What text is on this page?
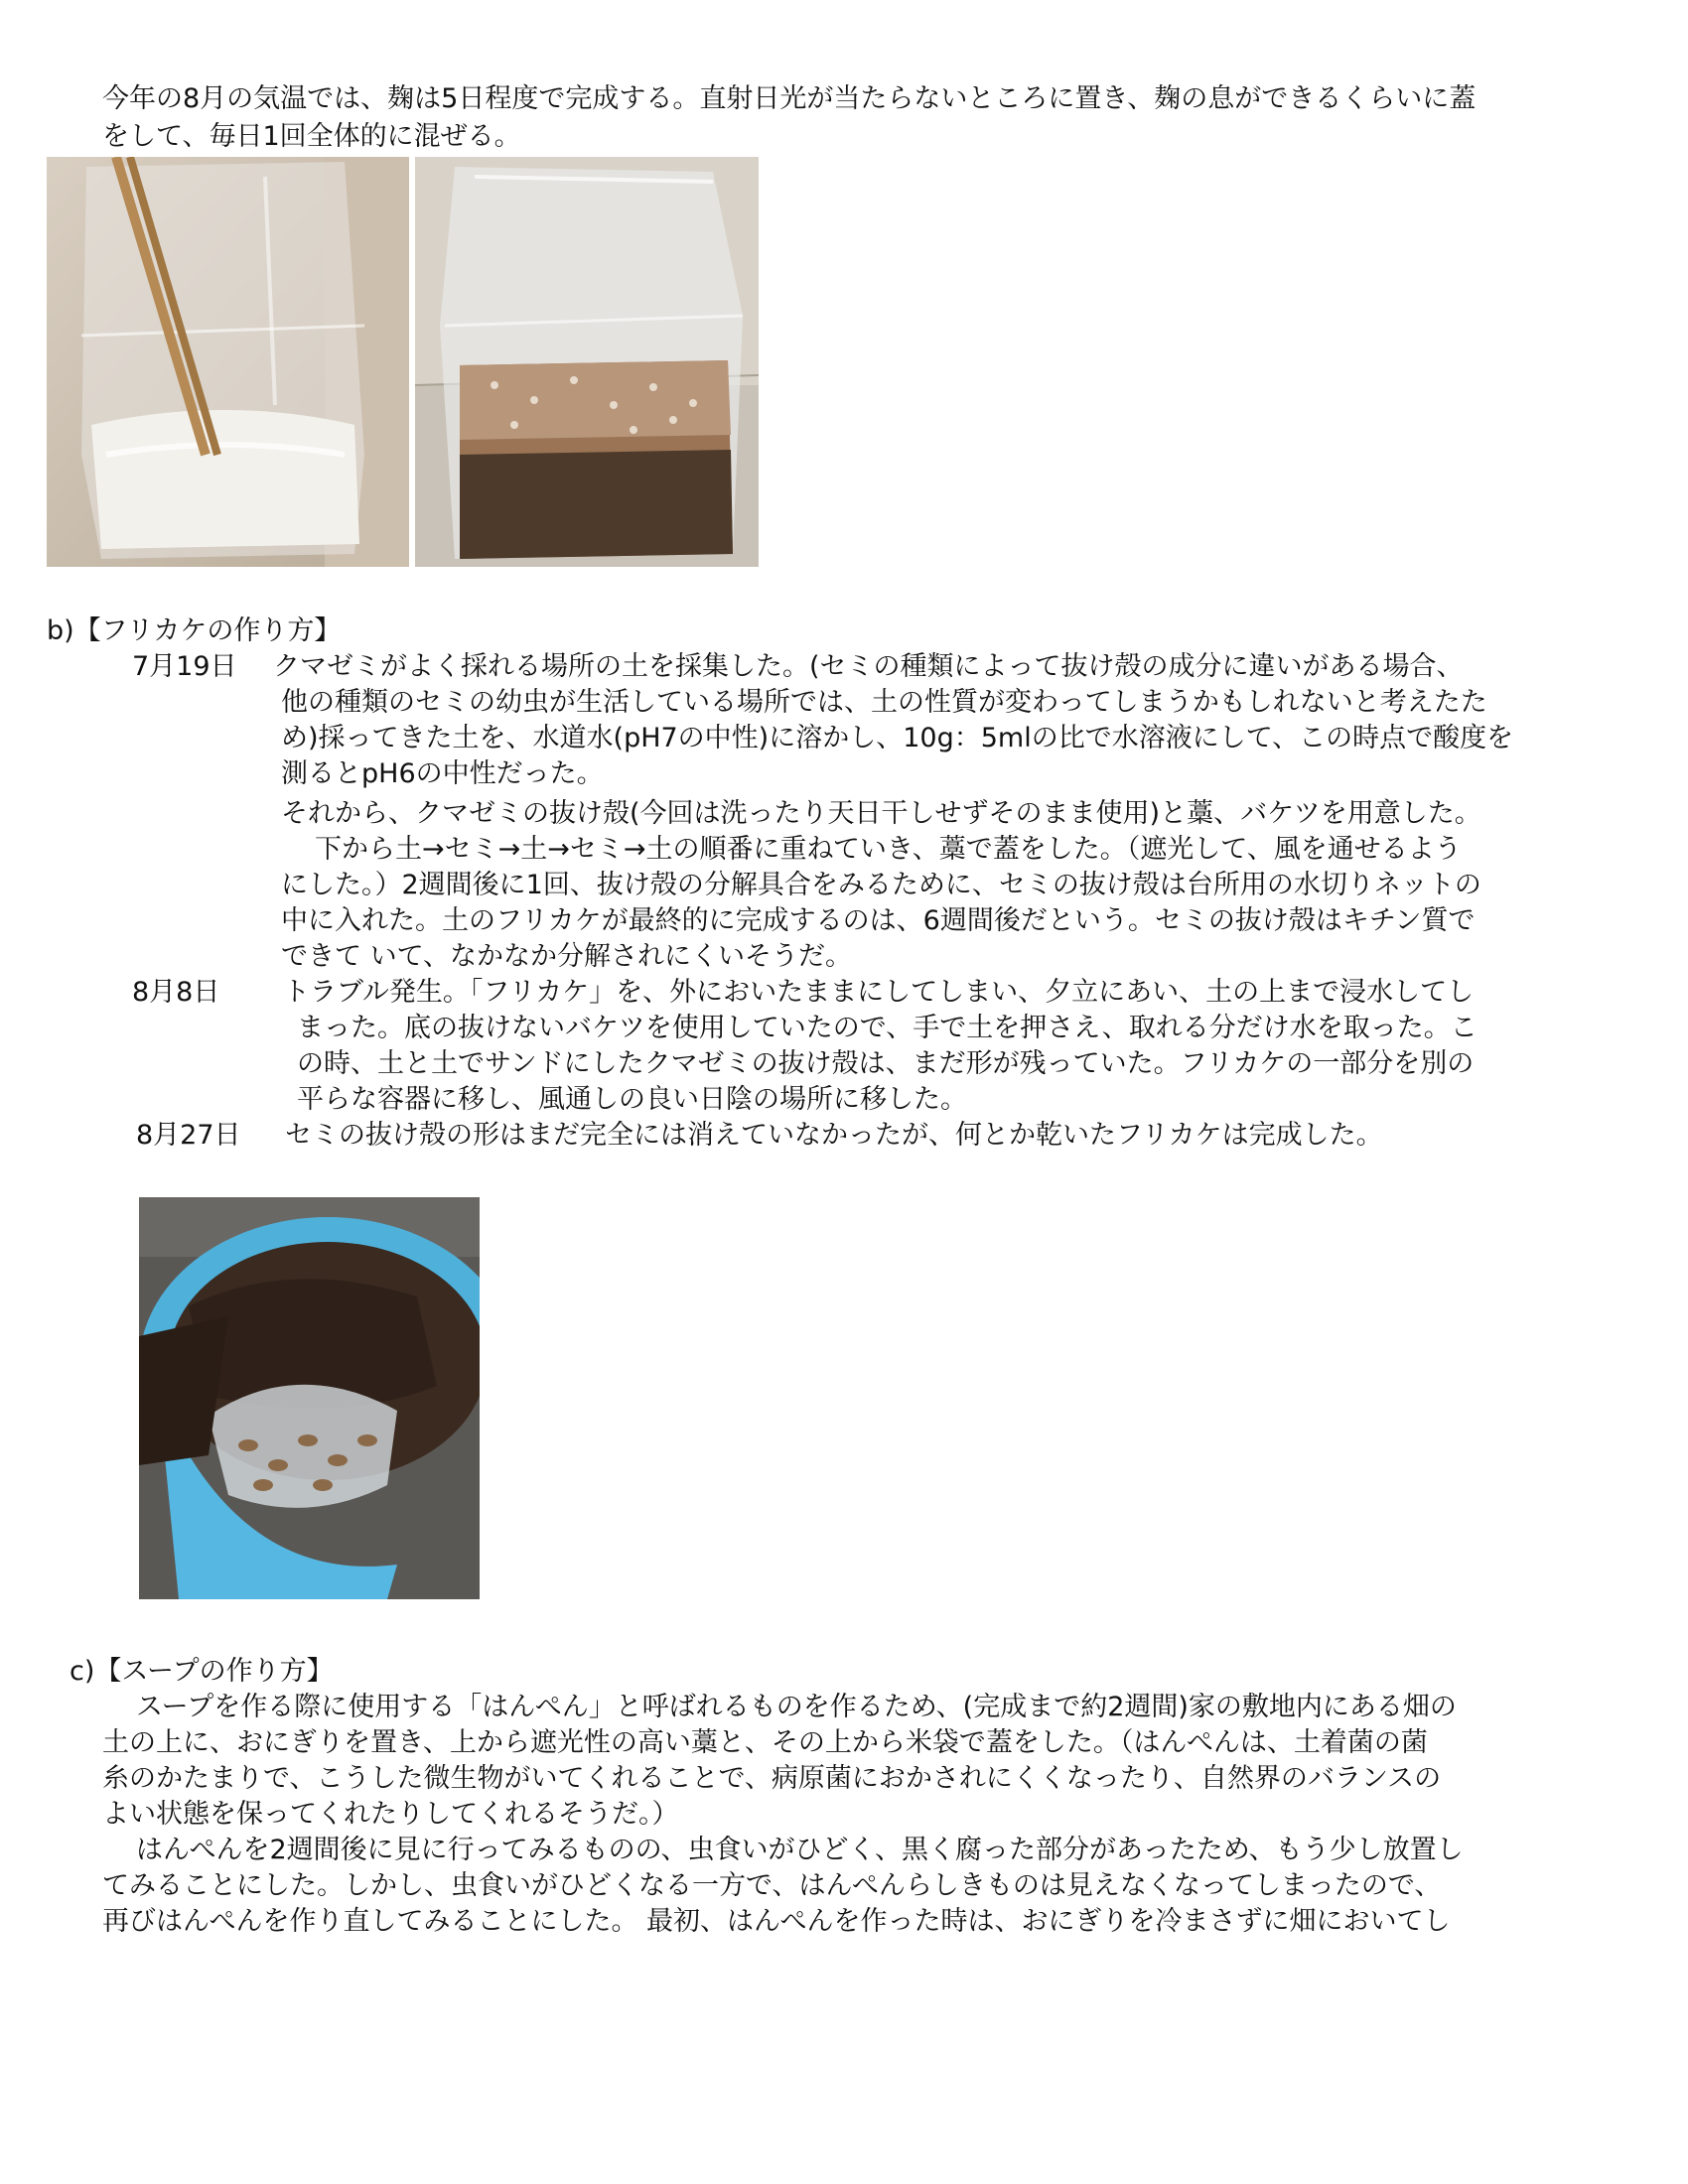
今年の8月の気温では、麹は5日程度で完成する。直射日光が当たらないところに置き、麹の息ができるくらいに蓋
をして、毎日1回全体的に混ぜる。
b)【フリカケの作り方】
7月19日 クマゼミがよく採れる場所の土を採集した。(セミの種類によって抜け殻の成分に違いがある場合、
他の種類のセミの幼虫が生活している場所では、土の性質が変わってしまうかもしれないと考えたた
め)採ってきた土を、水道水(pH7の中性)に溶かし、10g：5mlの比で水溶液にして、この時点で酸度を
測るとpH6の中性だった。
それから、クマゼミの抜け殻(今回は洗ったり天日干しせずそのまま使用)と藁、バケツを用意した。
下から土→セミ→土→セミ→土の順番に重ねていき、藁で蓋をした。（遮光して、風を通せるよう
にした。）2週間後に1回、抜け殻の分解具合をみるために、セミの抜け殻は台所用の水切りネットの
中に入れた。土のフリカケが最終的に完成するのは、6週間後だという。セミの抜け殻はキチン質で
できて いて、なかなか分解されにくいそうだ。
8月8日 トラブル発生。「フリカケ」を、外においたままにしてしまい、夕立にあい、土の上まで浸水してし
まった。底の抜けないバケツを使用していたので、手で土を押さえ、取れる分だけ水を取った。こ
の時、土と土でサンドにしたクマゼミの抜け殻は、まだ形が残っていた。フリカケの一部分を別の
平らな容器に移し、風通しの良い日陰の場所に移した。
8月27日 セミの抜け殻の形はまだ完全には消えていなかったが、何とか乾いたフリカケは完成した。
c)【スープの作り方】
スープを作る際に使用する「はんぺん」と呼ばれるものを作るため、(完成まで約2週間)家の敷地内にある畑の
土の上に、おにぎりを置き、上から遮光性の高い藁と、その上から米袋で蓋をした。（はんぺんは、土着菌の菌
糸のかたまりで、こうした微生物がいてくれることで、病原菌におかされにくくなったり、自然界のバランスの
よい状態を保ってくれたりしてくれるそうだ。）
はんぺんを2週間後に見に行ってみるものの、虫食いがひどく、黒く腐った部分があったため、もう少し放置し
てみることにした。しかし、虫食いがひどくなる一方で、はんぺんらしきものは見えなくなってしまったので、
再びはんぺんを作り直してみることにした。 最初、はんぺんを作った時は、おにぎりを冷まさずに畑においてし
